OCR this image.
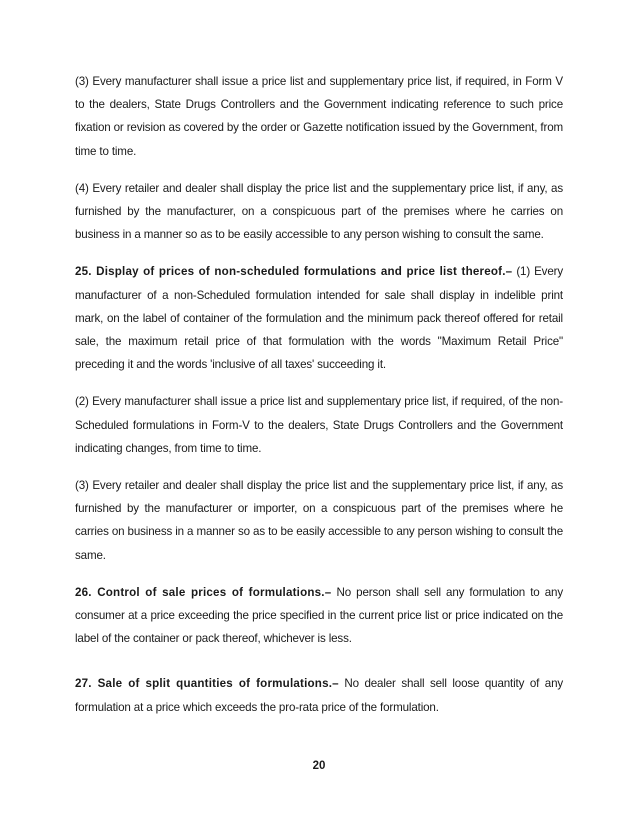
(3) Every manufacturer shall issue a price list and supplementary price list, if required, in Form V to the dealers, State Drugs Controllers and the Government indicating reference to such price fixation or revision as covered by the order or Gazette notification issued by the Government, from time to time.

(4) Every retailer and dealer shall display the price list and the supplementary price list, if any, as furnished by the manufacturer, on a conspicuous part of the premises where he carries on business in a manner so as to be easily accessible to any person wishing to consult the same.

25. Display of prices of non-scheduled formulations and price list thereof.– (1) Every manufacturer of a non-Scheduled formulation intended for sale shall display in indelible print mark, on the label of container of the formulation and the minimum pack thereof offered for retail sale, the maximum retail price of that formulation with the words "Maximum Retail Price" preceding it and the words 'inclusive of all taxes' succeeding it.

(2) Every manufacturer shall issue a price list and supplementary price list, if required, of the non-Scheduled formulations in Form-V to the dealers, State Drugs Controllers and the Government indicating changes, from time to time.

(3) Every retailer and dealer shall display the price list and the supplementary price list, if any, as furnished by the manufacturer or importer, on a conspicuous part of the premises where he carries on business in a manner so as to be easily accessible to any person wishing to consult the same.

26. Control of sale prices of formulations.– No person shall sell any formulation to any consumer at a price exceeding the price specified in the current price list or price indicated on the label of the container or pack thereof, whichever is less.

27. Sale of split quantities of formulations.– No dealer shall sell loose quantity of any formulation at a price which exceeds the pro-rata price of the formulation.

20
